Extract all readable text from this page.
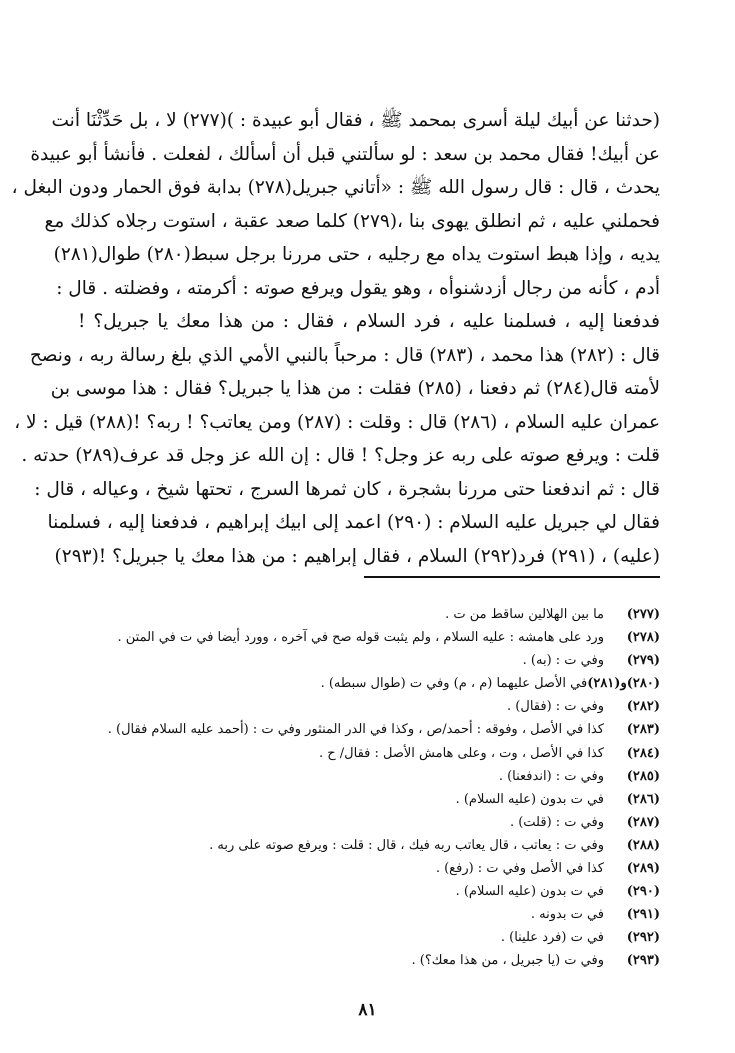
(حدثنا عن أبيك ليلة أسرى بمحمد ﷺ ، فقال أبو عبيدة : )(٢٧٧) لا ، بل حَدِّثْنَا أنت
عن أبيك! فقال محمد بن سعد : لو سألتني قبل أن أسألك ، لفعلت . فأنشأ أبو عبيدة
يحدث ، قال : قال رسول الله ﷺ : «أتاني جبريل(٢٧٨) بدابة فوق الحمار ودون البغل ،
فحملني عليه ، ثم انطلق يهوى بنا ،(٢٧٩) كلما صعد عقبة ، استوت رجلاه كذلك مع
يديه ، وإذا هبط استوت يداه مع رجليه ، حتى مررنا برجل سبط(٢٨٠) طوال(٢٨١)
أدم ، كأنه من رجال أزدشنوأه ، وهو يقول ويرفع صوته : أكرمته ، وفضلته . قال :
فدفعنا إليه ، فسلمنا عليه ، فرد السلام ، فقال : من هذا معك يا جبريل؟ !
قال : (٢٨٢) هذا محمد ، (٢٨٣) قال : مرحباً بالنبي الأمي الذي بلغ رسالة ربه ، ونصح
لأمته قال(٢٨٤) ثم دفعنا ، (٢٨٥) فقلت : من هذا يا جبريل؟ فقال : هذا موسى بن
عمران عليه السلام ، (٢٨٦) قال : وقلت : (٢٨٧) ومن يعاتب؟ ! ربه؟ !(٢٨٨) قيل : لا ،
قلت : ويرفع صوته على ربه عز وجل؟ ! قال : إن الله عز وجل قد عرف(٢٨٩) حدته .
قال : ثم اندفعنا حتى مررنا بشجرة ، كان ثمرها السرج ، تحتها شيخ ، وعياله ، قال :
فقال لي جبريل عليه السلام : (٢٩٠) اعمد إلى ابيك إبراهيم ، فدفعنا إليه ، فسلمنا
(عليه) ، (٢٩١) فرد(٢٩٢) السلام ، فقال إبراهيم : من هذا معك يا جبريل؟ !(٢٩٣)
(٢٧٧)
ما بين الهلالين ساقط من ت .
(٢٧٨)
ورد على هامشه : عليه السلام ، ولم يثبت قوله صح في آخره ، وورد أيضا في ت في المتن .
(٢٧٩)
وفي ت : (به) .
(٢٨٠)و(٢٨١)
في الأصل عليهما (م ، م) وفي ت (طوال سبطه) .
(٢٨٢)
وفي ت : (فقال) .
(٢٨٣)
كذا في الأصل ، وفوقه : أحمد/ص ، وكذا في الدر المنثور وفي ت : (أحمد عليه السلام فقال) .
(٢٨٤)
كذا في الأصل ، وت ، وعلى هامش الأصل : فقال/ ح .
(٢٨٥)
وفي ت : (اندفعنا) .
(٢٨٦)
في ت بدون (عليه السلام) .
(٢٨٧)
وفي ت : (قلت) .
(٢٨٨)
وفي ت : يعاتب ، قال يعاتب ربه فيك ، قال : قلت : ويرفع صوته على ربه .
(٢٨٩)
كذا في الأصل وفي ت : (رفع) .
(٢٩٠)
في ت بدون (عليه السلام) .
(٢٩١)
في ت بدونه .
(٢٩٢)
في ت (فرد علينا) .
(٢٩٣)
وفي ت (يا جبريل ، من هذا معك؟) .
٨١
